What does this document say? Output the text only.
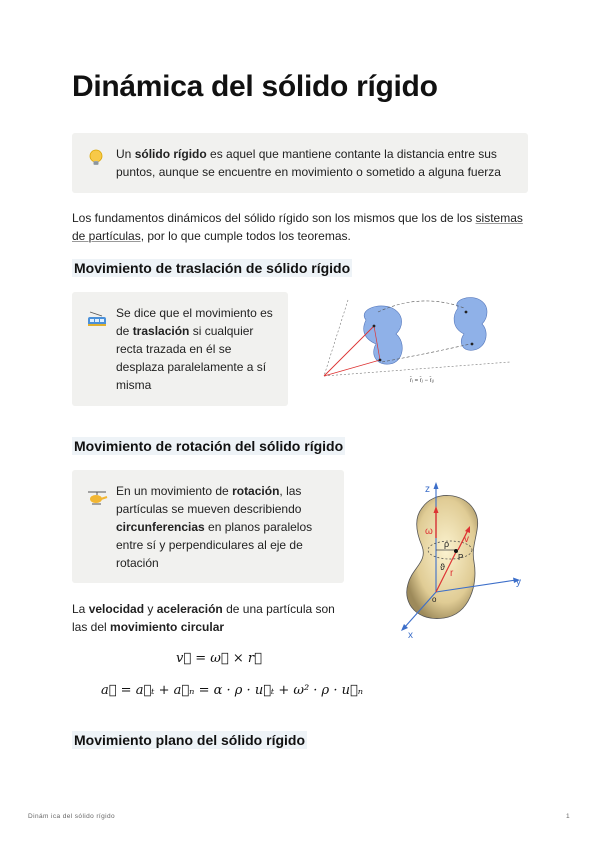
Dinámica del sólido rígido
Un sólido rígido es aquel que mantiene contante la distancia entre sus puntos, aunque se encuentre en movimiento o sometido a alguna fuerza
Los fundamentos dinámicos del sólido rígido son los mismos que los de los sistemas de partículas, por lo que cumple todos los teoremas.
Movimiento de traslación de sólido rígido
Se dice que el movimiento es de traslación si cualquier recta trazada en él se desplaza paralelamente a sí misma	r̄ᵢ = r̄ⱼ − r̄ᵢⱼ
Movimiento de rotación del sólido rígido
En un movimiento de rotación, las partículas se mueven describiendo circunferencias en planos paralelos entre sí y perpendiculares al eje de rotación
La velocidad y aceleración de una partícula son las del movimiento circular
v⃗ = ω⃗ × r⃗
a⃗ = a⃗ₜ + a⃗ₙ = α · ρ · u⃗ₜ + ω² · ρ · u⃗ₙ
z
y
x
ω
v
r
ρ
ϑ
P
o
Movimiento plano del sólido rígido
Dinám ica del sólido rígido	1
